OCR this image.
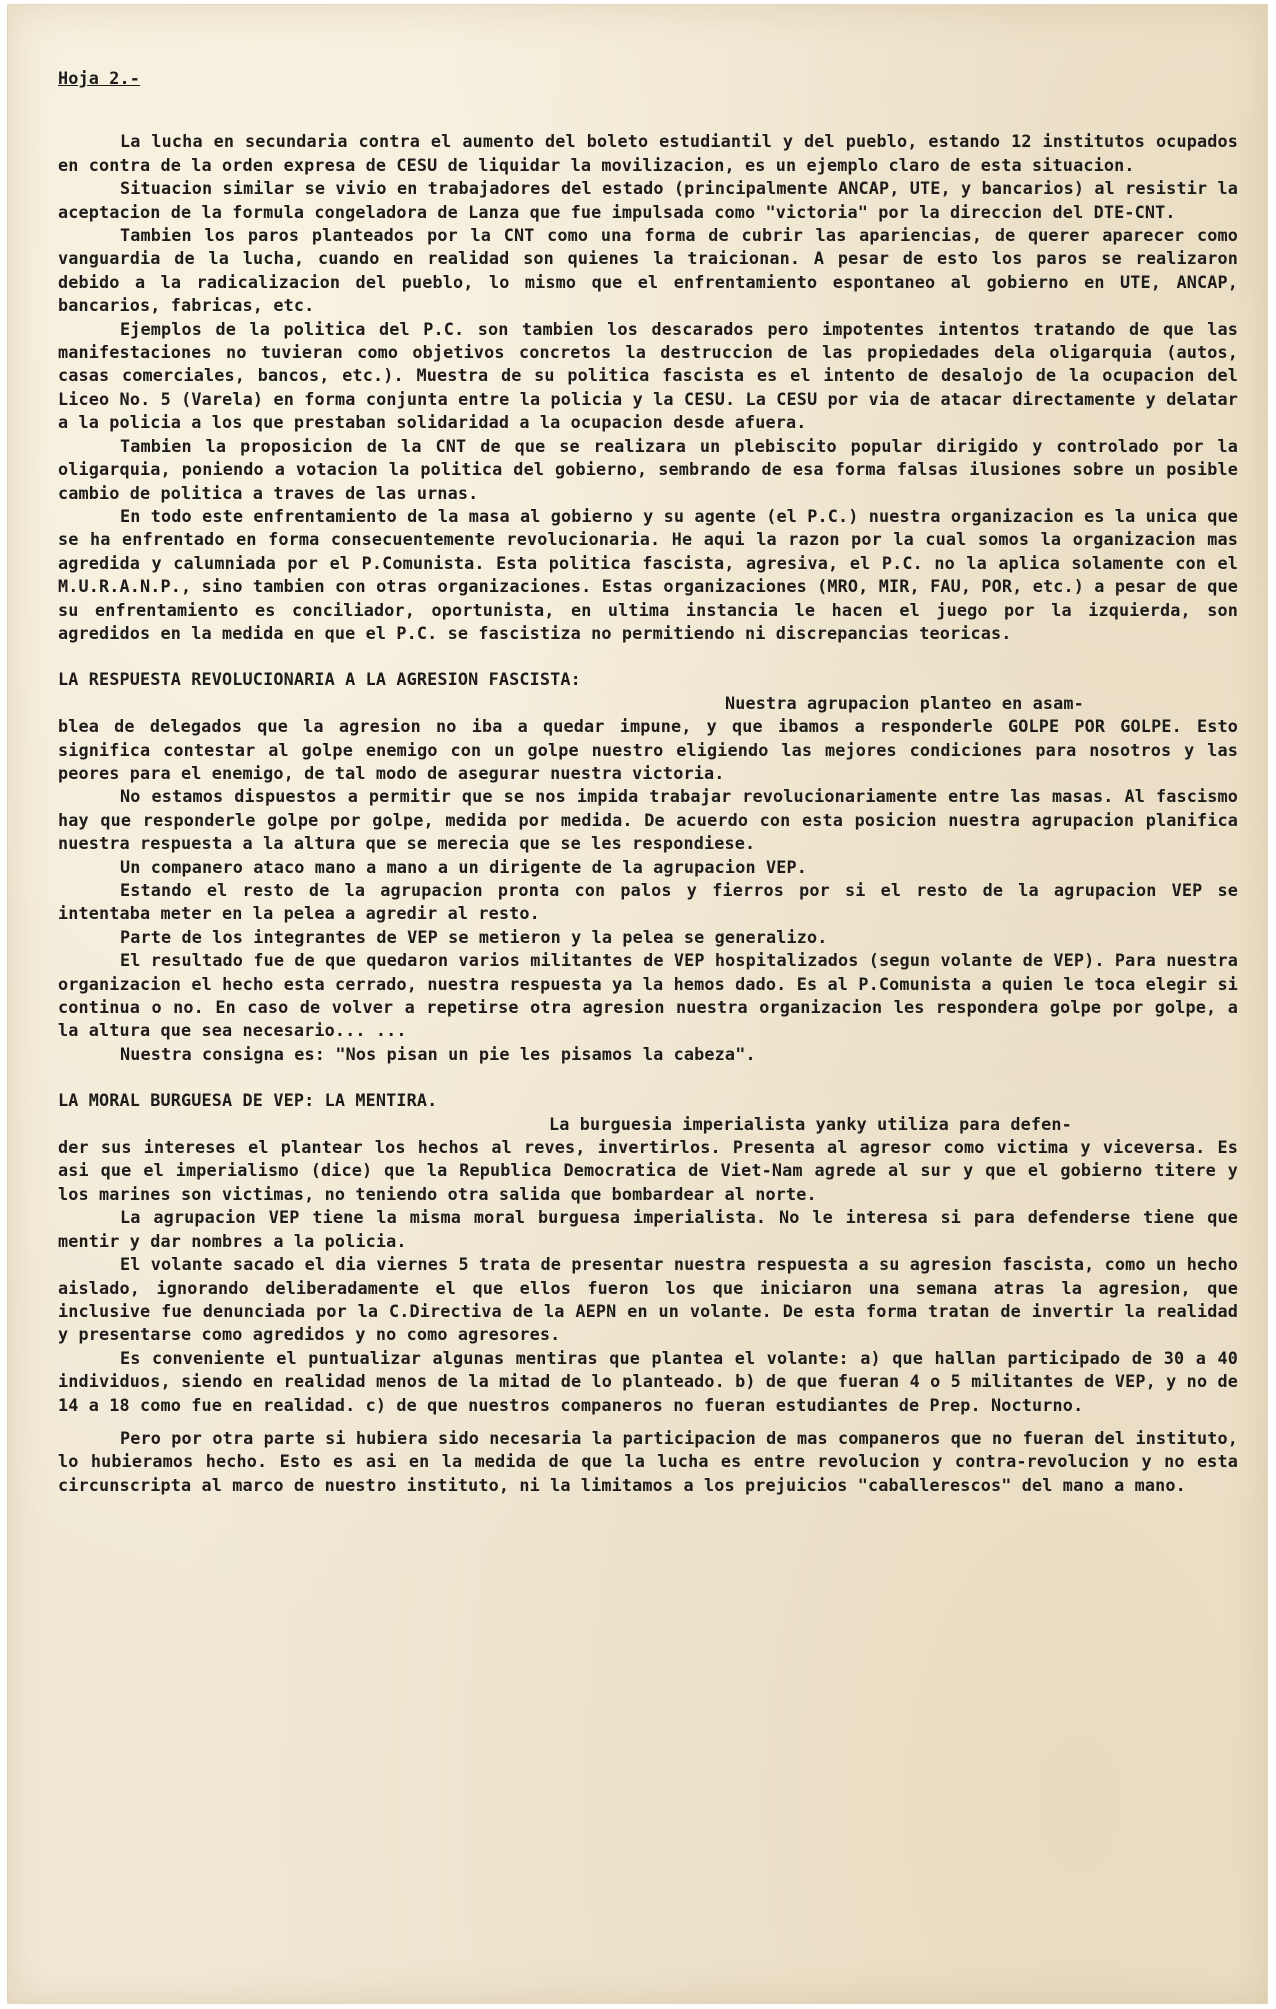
Hoja 2.-
La lucha en secundaria contra el aumento del boleto estudiantil y del pueblo, estando 12 institutos ocupados en contra de la orden expresa de CESU de liquidar la movilizacion, es un ejemplo claro de esta situacion.
Situacion similar se vivio en trabajadores del estado (principalmente ANCAP, UTE, y bancarios) al resistir la aceptacion de la formula congeladora de Lanza que fue impulsada como "victoria" por la direccion del DTE-CNT.
Tambien los paros planteados por la CNT como una forma de cubrir las apariencias, de querer aparecer como vanguardia de la lucha, cuando en realidad son quienes la traicionan. A pesar de esto los paros se realizaron debido a la radicalizacion del pueblo, lo mismo que el enfrentamiento espontaneo al gobierno en UTE, ANCAP, bancarios, fabricas, etc.
Ejemplos de la politica del P.C. son tambien los descarados pero impotentes intentos tratando de que las manifestaciones no tuvieran como objetivos concretos la destruccion de las propiedades dela oligarquia (autos, casas comerciales, bancos, etc.). Muestra de su politica fascista es el intento de desalojo de la ocupacion del Liceo No. 5 (Varela) en forma conjunta entre la policia y la CESU. La CESU por via de atacar directamente y delatar a la policia a los que prestaban solidaridad a la ocupacion desde afuera.
Tambien la proposicion de la CNT de que se realizara un plebiscito popular dirigido y controlado por la oligarquia, poniendo a votacion la politica del gobierno, sembrando de esa forma falsas ilusiones sobre un posible cambio de politica a traves de las urnas.
En todo este enfrentamiento de la masa al gobierno y su agente (el P.C.) nuestra organizacion es la unica que se ha enfrentado en forma consecuentemente revolucionaria. He aqui la razon por la cual somos la organizacion mas agredida y calumniada por el P.Comunista. Esta politica fascista, agresiva, el P.C. no la aplica solamente con el M.U.R.A.N.P., sino tambien con otras organizaciones. Estas organizaciones (MRO, MIR, FAU, POR, etc.) a pesar de que su enfrentamiento es conciliador, oportunista, en ultima instancia le hacen el juego por la izquierda, son agredidos en la medida en que el P.C. se fascistiza no permitiendo ni discrepancias teoricas.
LA RESPUESTA REVOLUCIONARIA A LA AGRESION FASCISTA:
Nuestra agrupacion planteo en asam-
blea de delegados que la agresion no iba a quedar impune, y que ibamos a responderle GOLPE POR GOLPE. Esto significa contestar al golpe enemigo con un golpe nuestro eligiendo las mejores condiciones para nosotros y las peores para el enemigo, de tal modo de asegurar nuestra victoria.
No estamos dispuestos a permitir que se nos impida trabajar revolucionariamente entre las masas. Al fascismo hay que responderle golpe por golpe, medida por medida. De acuerdo con esta posicion nuestra agrupacion planifica nuestra respuesta a la altura que se merecia que se les respondiese.
Un companero ataco mano a mano a un dirigente de la agrupacion VEP.
Estando el resto de la agrupacion pronta con palos y fierros por si el resto de la agrupacion VEP se intentaba meter en la pelea a agredir al resto.
Parte de los integrantes de VEP se metieron y la pelea se generalizo.
El resultado fue de que quedaron varios militantes de VEP hospitalizados (segun volante de VEP). Para nuestra organizacion el hecho esta cerrado, nuestra respuesta ya la hemos dado. Es al P.Comunista a quien le toca elegir si continua o no. En caso de volver a repetirse otra agresion nuestra organizacion les respondera golpe por golpe, a la altura que sea necesario... ...
Nuestra consigna es: "Nos pisan un pie les pisamos la cabeza".
LA MORAL BURGUESA DE VEP: LA MENTIRA.
La burguesia imperialista yanky utiliza para defen-
der sus intereses el plantear los hechos al reves, invertirlos. Presenta al agresor como victima y viceversa. Es asi que el imperialismo (dice) que la Republica Democratica de Viet-Nam agrede al sur y que el gobierno titere y los marines son victimas, no teniendo otra salida que bombardear al norte.
La agrupacion VEP tiene la misma moral burguesa imperialista. No le interesa si para defenderse tiene que mentir y dar nombres a la policia.
El volante sacado el dia viernes 5 trata de presentar nuestra respuesta a su agresion fascista, como un hecho aislado, ignorando deliberadamente el que ellos fueron los que iniciaron una semana atras la agresion, que inclusive fue denunciada por la C.Directiva de la AEPN en un volante. De esta forma tratan de invertir la realidad y presentarse como agredidos y no como agresores.
Es conveniente el puntualizar algunas mentiras que plantea el volante: a) que hallan participado de 30 a 40 individuos, siendo en realidad menos de la mitad de lo planteado. b) de que fueran 4 o 5 militantes de VEP, y no de 14 a 18 como fue en realidad. c) de que nuestros companeros no fueran estudiantes de Prep. Nocturno.
Pero por otra parte si hubiera sido necesaria la participacion de mas companeros que no fueran del instituto, lo hubieramos hecho. Esto es asi en la medida de que la lucha es entre revolucion y contra-revolucion y no esta circunscripta al marco de nuestro instituto, ni la limitamos a los prejuicios "caballerescos" del mano a mano.
